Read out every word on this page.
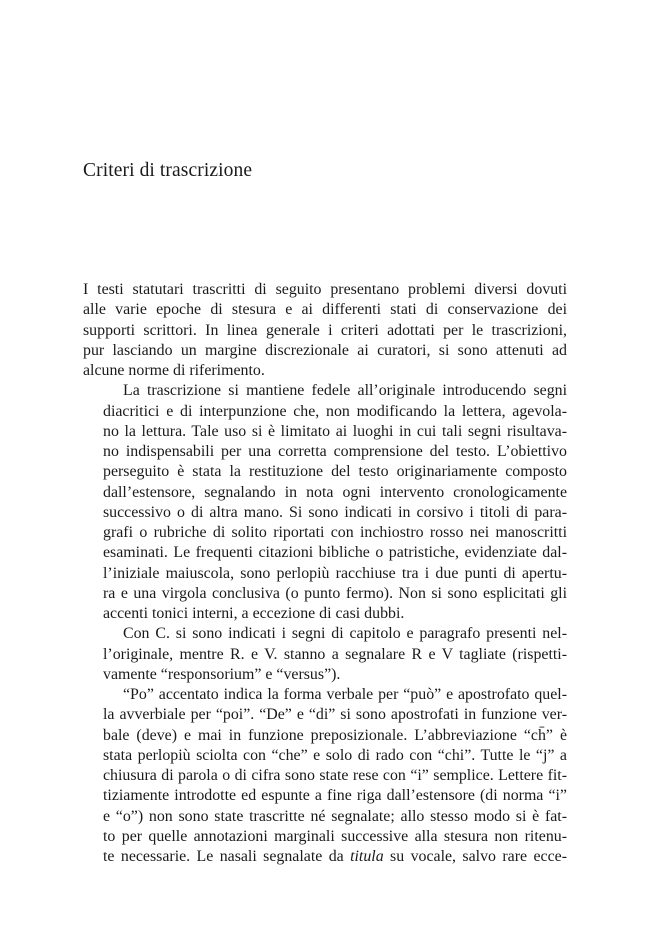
Criteri di trascrizione

I testi statutari trascritti di seguito presentano problemi diversi dovuti
alle varie epoche di stesura e ai differenti stati di conservazione dei
supporti scrittori. In linea generale i criteri adottati per le trascrizioni,
pur lasciando un margine discrezionale ai curatori, si sono attenuti ad
alcune norme di riferimento.

La trascrizione si mantiene fedele all’originale introducendo segni
diacritici e di interpunzione che, non modificando la lettera, agevola-
no la lettura. Tale uso si è limitato ai luoghi in cui tali segni risultava-
no indispensabili per una corretta comprensione del testo. L’obiettivo
perseguito è stata la restituzione del testo originariamente composto
dall’estensore, segnalando in nota ogni intervento cronologicamente
successivo o di altra mano. Si sono indicati in corsivo i titoli di para-
grafi o rubriche di solito riportati con inchiostro rosso nei manoscritti
esaminati. Le frequenti citazioni bibliche o patristiche, evidenziate dal-
l’iniziale maiuscola, sono perlopiù racchiuse tra i due punti di apertu-
ra e una virgola conclusiva (o punto fermo). Non si sono esplicitati gli
accenti tonici interni, a eccezione di casi dubbi.

Con C. si sono indicati i segni di capitolo e paragrafo presenti nel-
l’originale, mentre R. e V. stanno a segnalare R e V tagliate (rispetti-
vamente “responsorium” e “versus”).

“Po” accentato indica la forma verbale per “può” e apostrofato quel-
la avverbiale per “poi”. “De” e “di” si sono apostrofati in funzione ver-
bale (deve) e mai in funzione preposizionale. L’abbreviazione “ch̄” è
stata perlopiù sciolta con “che” e solo di rado con “chi”. Tutte le “j” a
chiusura di parola o di cifra sono state rese con “i” semplice. Lettere fit-
tiziamente introdotte ed espunte a fine riga dall’estensore (di norma “i”
e “o”) non sono state trascritte né segnalate; allo stesso modo si è fat-
to per quelle annotazioni marginali successive alla stesura non ritenu-
te necessarie. Le nasali segnalate da titula su vocale, salvo rare ecce-
